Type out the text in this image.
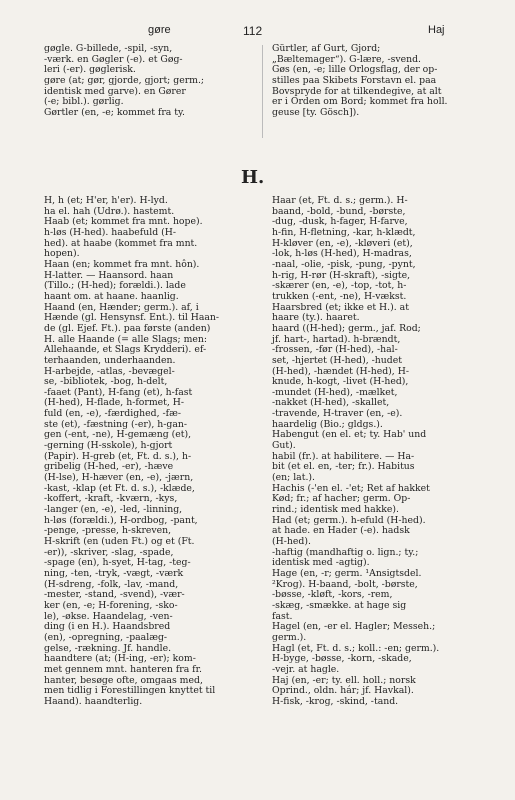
gøre	112	Haj
gøgle. G-billede, -spil, -syn,
-værk. en Gøgler (-e). et Gøg-
leri (-er). gøglerisk.
gøre (at; gør, gjorde, gjort; germ.;
identisk med garve). en Gører
(-e; bibl.). gørlig.
Gørtler (en, -e; kommet fra ty.
Gürtler, af Gurt, Gjord;
„Bæltemager“). G-lære, -svend.
Gøs (en, -e; lille Orlogsflag, der op-
stilles paa Skibets Forstavn el. paa
Bovspryde for at tilkendegive, at alt
er i Orden om Bord; kommet fra holl.
geuse [ty. Gösch]).
H.
H, h (et; H'er, h'er). H-lyd.
ha el. hah (Udrø.). hastemt.
Haab (et; kommet fra mnt. hope).
h-løs (H-hed). haabefuld (H-
hed). at haabe (kommet fra mnt.
hopen).
Haan (en; kommet fra mnt. hôn).
H-latter. — Haansord. haan
(Tillo.; (H-hed); forældi.). lade
haant om. at haane. haanlig.
Haand (en, Hænder; germ.). af, i
Hænde (gl. Hensynsf. Ent.). til Haan-
de (gl. Ejef. Ft.). paa første (anden)
H. alle Haande (= alle Slags; men:
Allehaande, et Slags Krydderi). ef-
terhaanden, underhaanden.
H-arbejde, -atlas, -bevægel-
se, -bibliotek, -bog, h-delt,
-faaet (Pant), H-fang (et), h-fast
(H-hed), H-flade, h-formet, H-
fuld (en, -e), -færdighed, -fæ-
ste (et), -fæstning (-er), h-gan-
gen (-ent, -ne), H-gemæng (et),
-gerning (H-sskole), h-gjort
(Papir). H-greb (et, Ft. d. s.), h-
gribelig (H-hed, -er), -hæve
(H-lse), H-hæver (en, -e), -jærn,
-kast, -klap (et Ft. d. s.), -klæde,
-koffert, -kraft, -kværn, -kys,
-langer (en, -e), -led, -linning,
h-løs (forældi.), H-ordbog, -pant,
-penge, -presse, h-skreven,
H-skrift (en (uden Ft.) og et (Ft.
-er)), -skriver, -slag, -spade,
-spage (en), h-syet, H-tag, -teg-
ning, -ten, -tryk, -vægt, -værk
(H-sdreng, -folk, -lav, -mand,
-mester, -stand, -svend), -vær-
ker (en, -e; H-forening, -sko-
le), -økse. Haandelag, -ven-
ding (i en H.). Haandsbred
(en), -opregning, -paalæg-
gelse, -rækning. Jf. handle.
haandtere (at; (H-ing, -er); kom-
met gennem mnt. hanteren fra fr.
hanter, besøge ofte, omgaas med,
men tidlig i Forestillingen knyttet til
Haand). haandterlig.
Haar (et, Ft. d. s.; germ.). H-
baand, -bold, -bund, -børste,
-dug, -dusk, h-fager, H-farve,
h-fin, H-fletning, -kar, h-klædt,
H-kløver (en, -e), -kløveri (et),
-lok, h-løs (H-hed), H-madras,
-naal, -olie, -pisk, -pung, -pynt,
h-rig, H-rør (H-skraft), -sigte,
-skærer (en, -e), -top, -tot, h-
trukken (-ent, -ne), H-vækst.
Haarsbred (et; ikke et H.). at
haare (ty.). haaret.
haard ((H-hed); germ., jaf. Rod;
jf. hart-, hartad). h-brændt,
-frossen, -før (H-hed), -hal-
set, -hjertet (H-hed), -hudet
(H-hed), -hændet (H-hed), H-
knude, h-kogt, -livet (H-hed),
-mundet (H-hed), -mælket,
-nakket (H-hed), -skallet,
-travende, H-traver (en, -e).
haardelig (Bio.; gldgs.).
Habengut (en el. et; ty. Hab' und
Gut).
habil (fr.). at habilitere. — Ha-
bit (et el. en, -ter; fr.). Habitus
(en; lat.).
Hachis (-'en el. -'et; Ret af hakket
Kød; fr.; af hacher; germ. Op-
rind.; identisk med hakke).
Had (et; germ.). h-efuld (H-hed).
at hade. en Hader (-e). hadsk
(H-hed).
-haftig (mandhaftig o. lign.; ty.;
identisk med -agtig).
Hage (en, -r; germ. ¹Ansigtsdel.
²Krog). H-baand, -bolt, -børste,
-bøsse, -kløft, -kors, -rem,
-skæg, -smække. at hage sig
fast.
Hagel (en, -er el. Hagler; Messeh.;
germ.).
Hagl (et, Ft. d. s.; koll.: -en; germ.).
H-byge, -bøsse, -korn, -skade,
-vejr. at hagle.
Haj (en, -er; ty. ell. holl.; norsk
Oprind., oldn. hár; jf. Havkal).
H-fisk, -krog, -skind, -tand.
